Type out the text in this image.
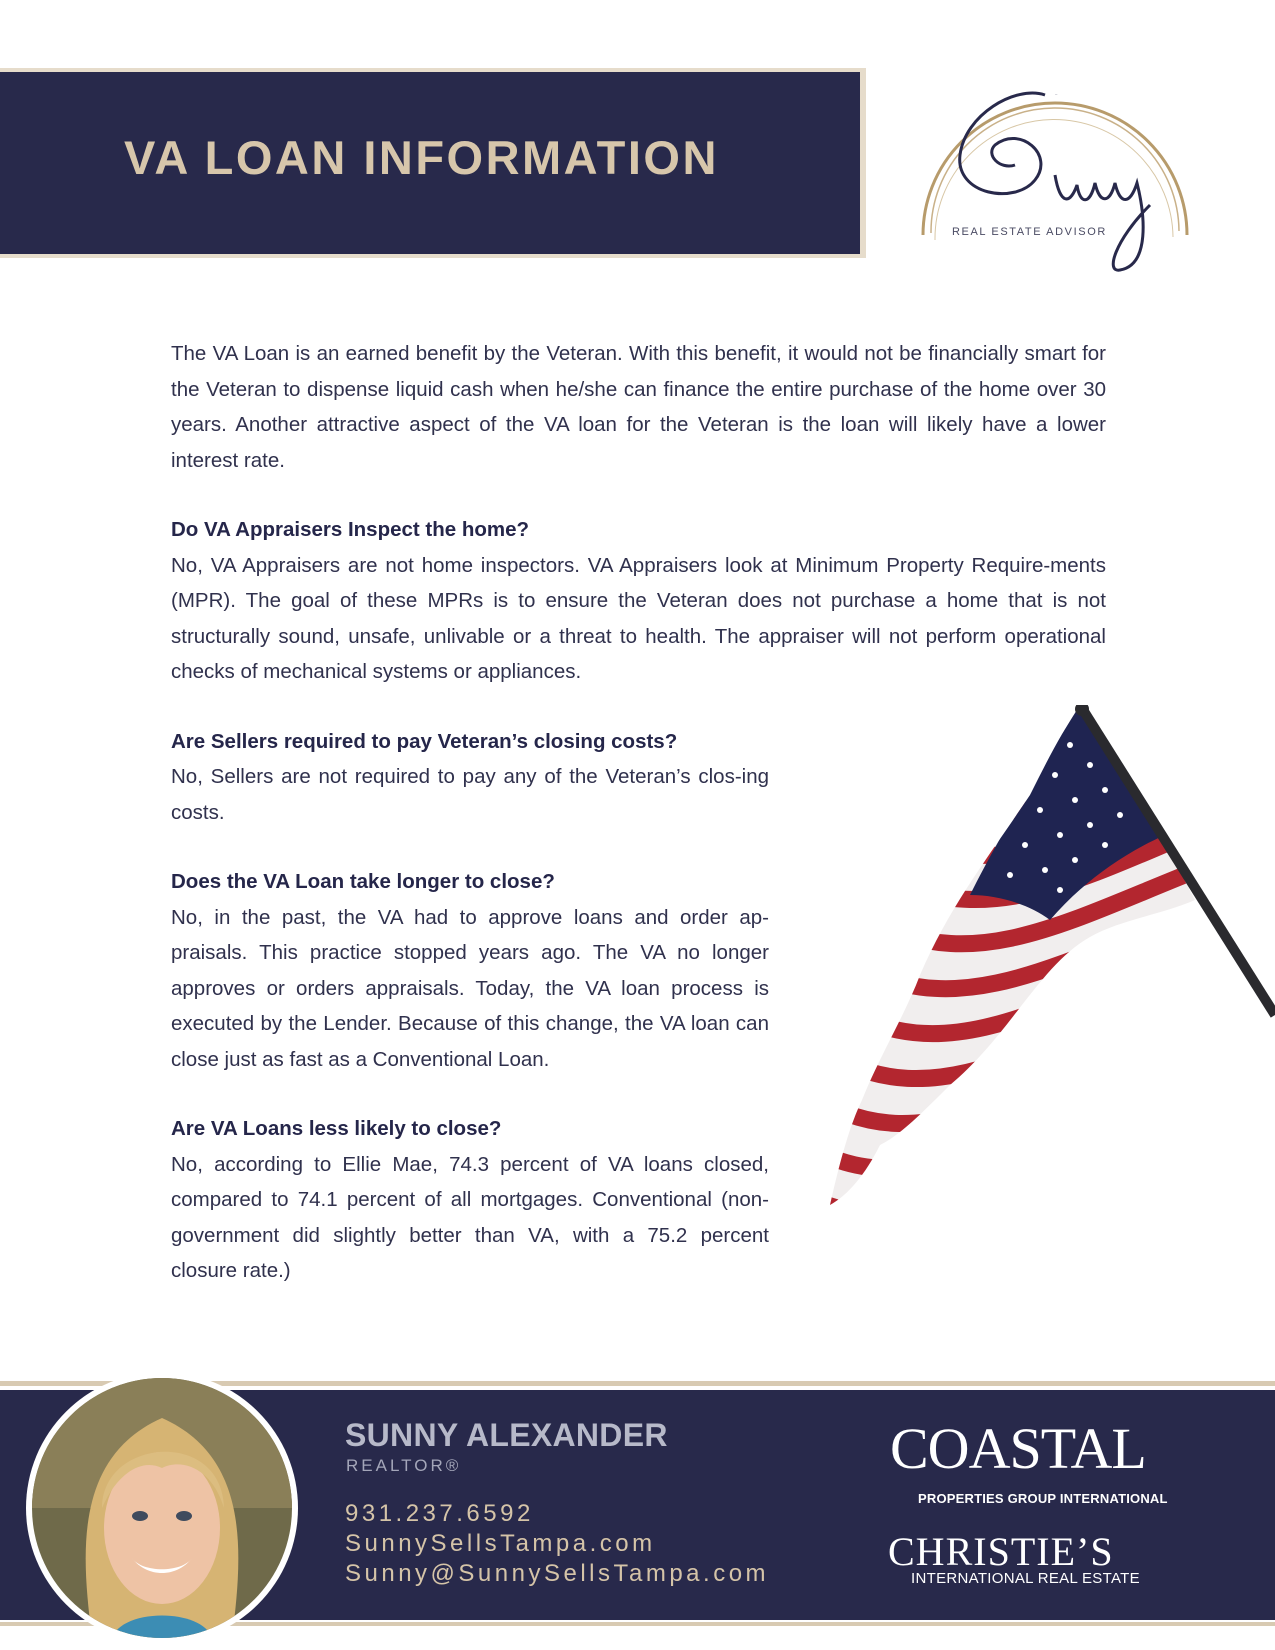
VA LOAN INFORMATION
Sunny
REAL ESTATE ADVISOR

The VA Loan is an earned benefit by the Veteran. With this benefit, it would not be financially smart for the Veteran to dispense liquid cash when he/she can finance the entire purchase of the home over 30 years. Another attractive aspect of the VA loan for the Veteran is the loan will likely have a lower interest rate.

Do VA Appraisers Inspect the home?

No, VA Appraisers are not home inspectors. VA Appraisers look at Minimum Property Require-ments (MPR). The goal of these MPRs is to ensure the Veteran does not purchase a home that is not structurally sound, unsafe, unlivable or a threat to health. The appraiser will not perform operational checks of mechanical systems or appliances.

Are Sellers required to pay Veteran’s closing costs?

No, Sellers are not required to pay any of the Veteran’s clos-ing costs.

Does the VA Loan take longer to close?

No, in the past, the VA had to approve loans and order ap-praisals. This practice stopped years ago. The VA no longer approves or orders appraisals. Today, the VA loan process is executed by the Lender. Because of this change, the VA loan can close just as fast as a Conventional Loan.

Are VA Loans less likely to close?

No, according to Ellie Mae, 74.3 percent of VA loans closed, compared to 74.1 percent of all mortgages. Conventional (non-government did slightly better than VA, with a 75.2 percent closure rate.)

SUNNY ALEXANDER
REALTOR®
931.237.6592
SunnySellsTampa.com
Sunny@SunnySellsTampa.com
COASTAL
PROPERTIES GROUP INTERNATIONAL
CHRISTIE’S
INTERNATIONAL REAL ESTATE
